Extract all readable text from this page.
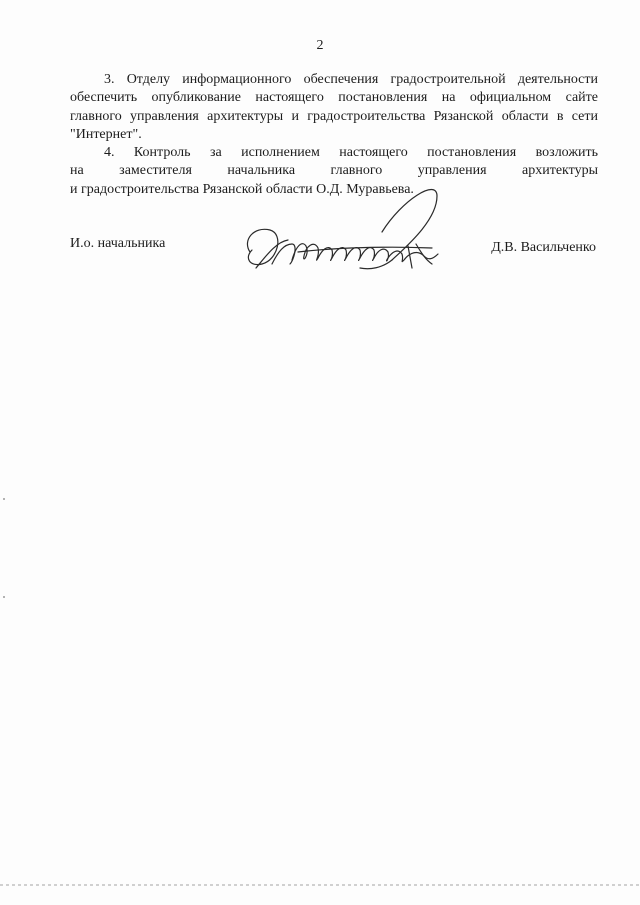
2
3. Отделу информационного обеспечения градостроительной деятельности
обеспечить опубликование настоящего постановления на официальном сайте
главного управления архитектуры и градостроительства Рязанской области в сети
"Интернет".
4. Контроль за исполнением настоящего постановления возложить
на заместителя начальника главного управления архитектуры
и градостроительства Рязанской области О.Д. Муравьева.
И.о. начальника	Д.В. Васильченко
